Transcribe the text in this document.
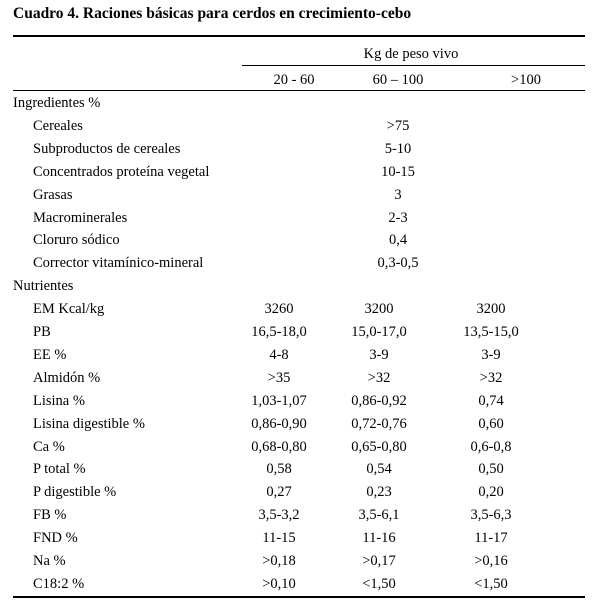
Cuadro 4. Raciones básicas para cerdos en crecimiento-cebo
Kg de peso vivo
20 - 60	60 – 100	>100
Ingredientes %
Cereales	>75
Subproductos de cereales	5-10
Concentrados proteína vegetal	10-15
Grasas	3
Macrominerales	2-3
Cloruro sódico	0,4
Corrector vitamínico-mineral	0,3-0,5
Nutrientes
EM Kcal/kg	3260	3200	3200
PB	16,5-18,0	15,0-17,0	13,5-15,0
EE %	4-8	3-9	3-9
Almidón %	>35	>32	>32
Lisina %	1,03-1,07	0,86-0,92	0,74
Lisina digestible %	0,86-0,90	0,72-0,76	0,60
Ca %	0,68-0,80	0,65-0,80	0,6-0,8
P total %	0,58	0,54	0,50
P digestible %	0,27	0,23	0,20
FB %	3,5-3,2	3,5-6,1	3,5-6,3
FND %	11-15	11-16	11-17
Na %	>0,18	>0,17	>0,16
C18:2 %	>0,10	<1,50	<1,50
